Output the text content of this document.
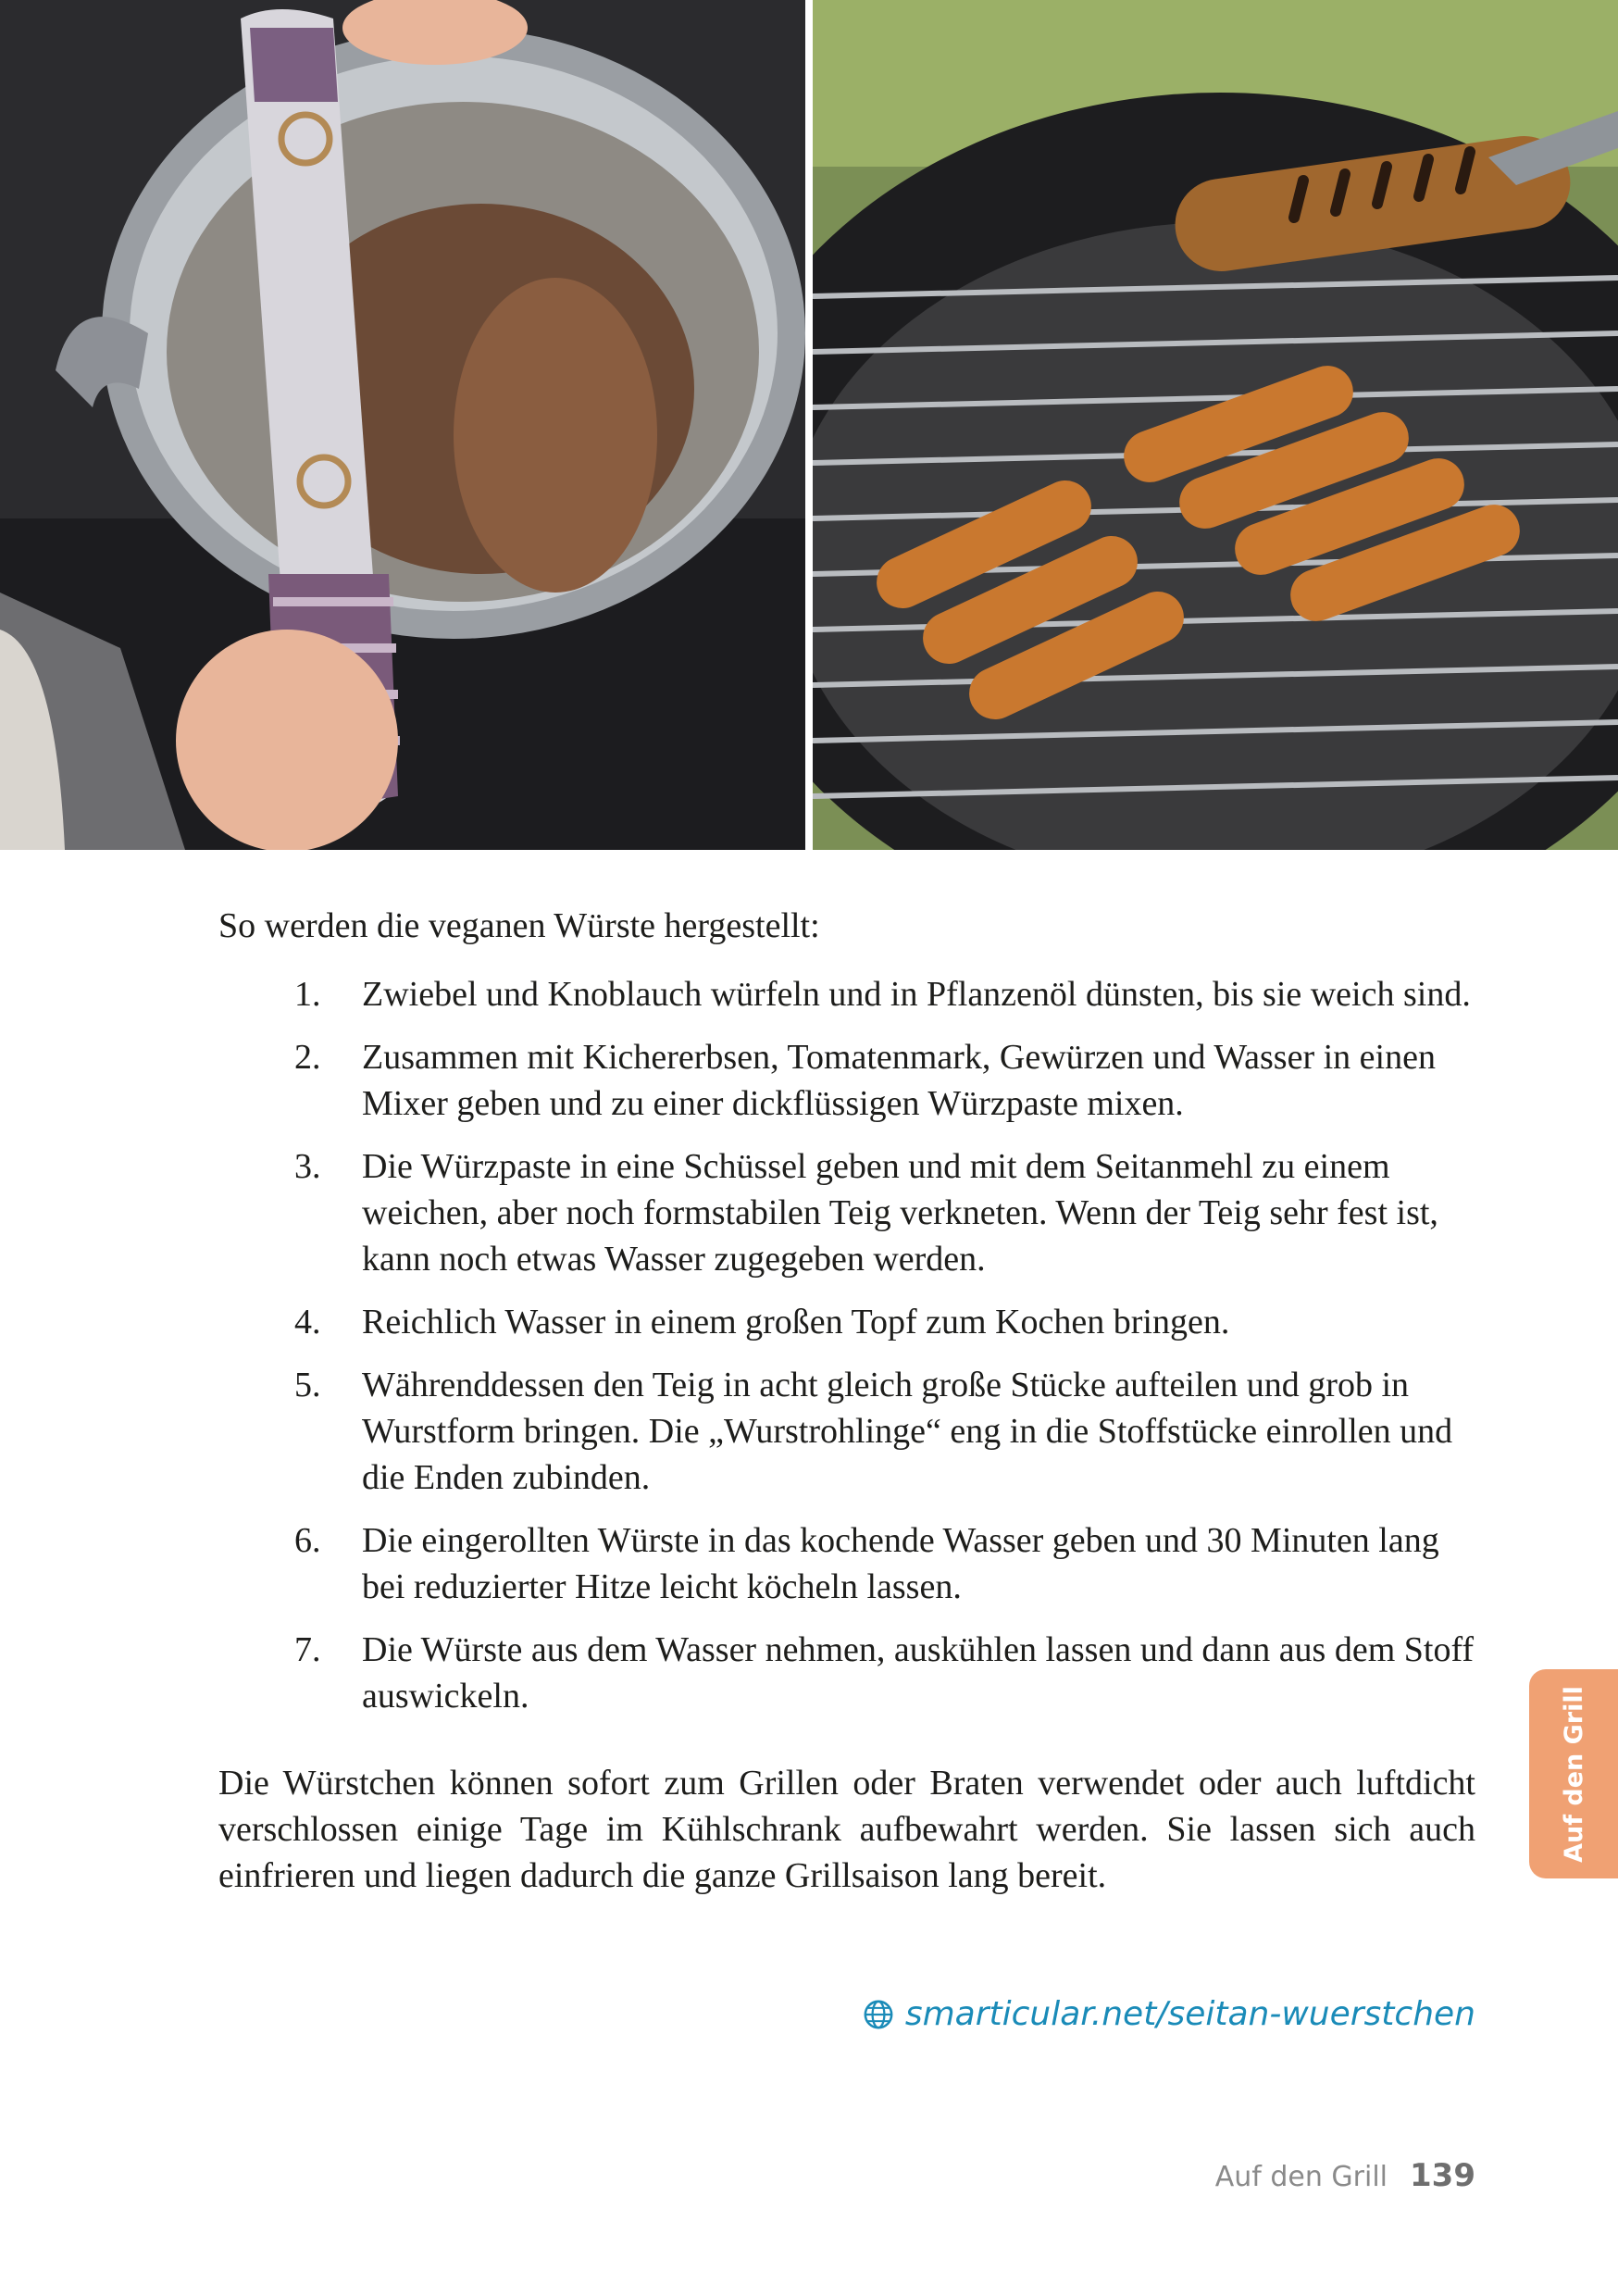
So werden die veganen Würste hergestellt:

1. Zwiebel und Knoblauch würfeln und in Pflanzenöl dünsten, bis sie weich sind.
2. Zusammen mit Kichererbsen, Tomatenmark, Gewürzen und Wasser in einen Mixer geben und zu einer dickflüssigen Würzpaste mixen.
3. Die Würzpaste in eine Schüssel geben und mit dem Seitanmehl zu einem weichen, aber noch formstabilen Teig verkneten. Wenn der Teig sehr fest ist, kann noch etwas Wasser zugegeben werden.
4. Reichlich Wasser in einem großen Topf zum Kochen bringen.
5. Währenddessen den Teig in acht gleich große Stücke aufteilen und grob in Wurstform bringen. Die „Wurstrohlinge“ eng in die Stoffstücke einrollen und die Enden zubinden.
6. Die eingerollten Würste in das kochende Wasser geben und 30 Minuten lang bei reduzierter Hitze leicht köcheln lassen.
7. Die Würste aus dem Wasser nehmen, auskühlen lassen und dann aus dem Stoff auswickeln.

Die Würstchen können sofort zum Grillen oder Braten verwendet oder auch luftdicht verschlossen einige Tage im Kühlschrank aufbewahrt werden. Sie lassen sich auch einfrieren und liegen dadurch die ganze Grillsaison lang bereit.

smarticular.net/seitan-wuerstchen
Auf den Grill
Auf den Grill 139
